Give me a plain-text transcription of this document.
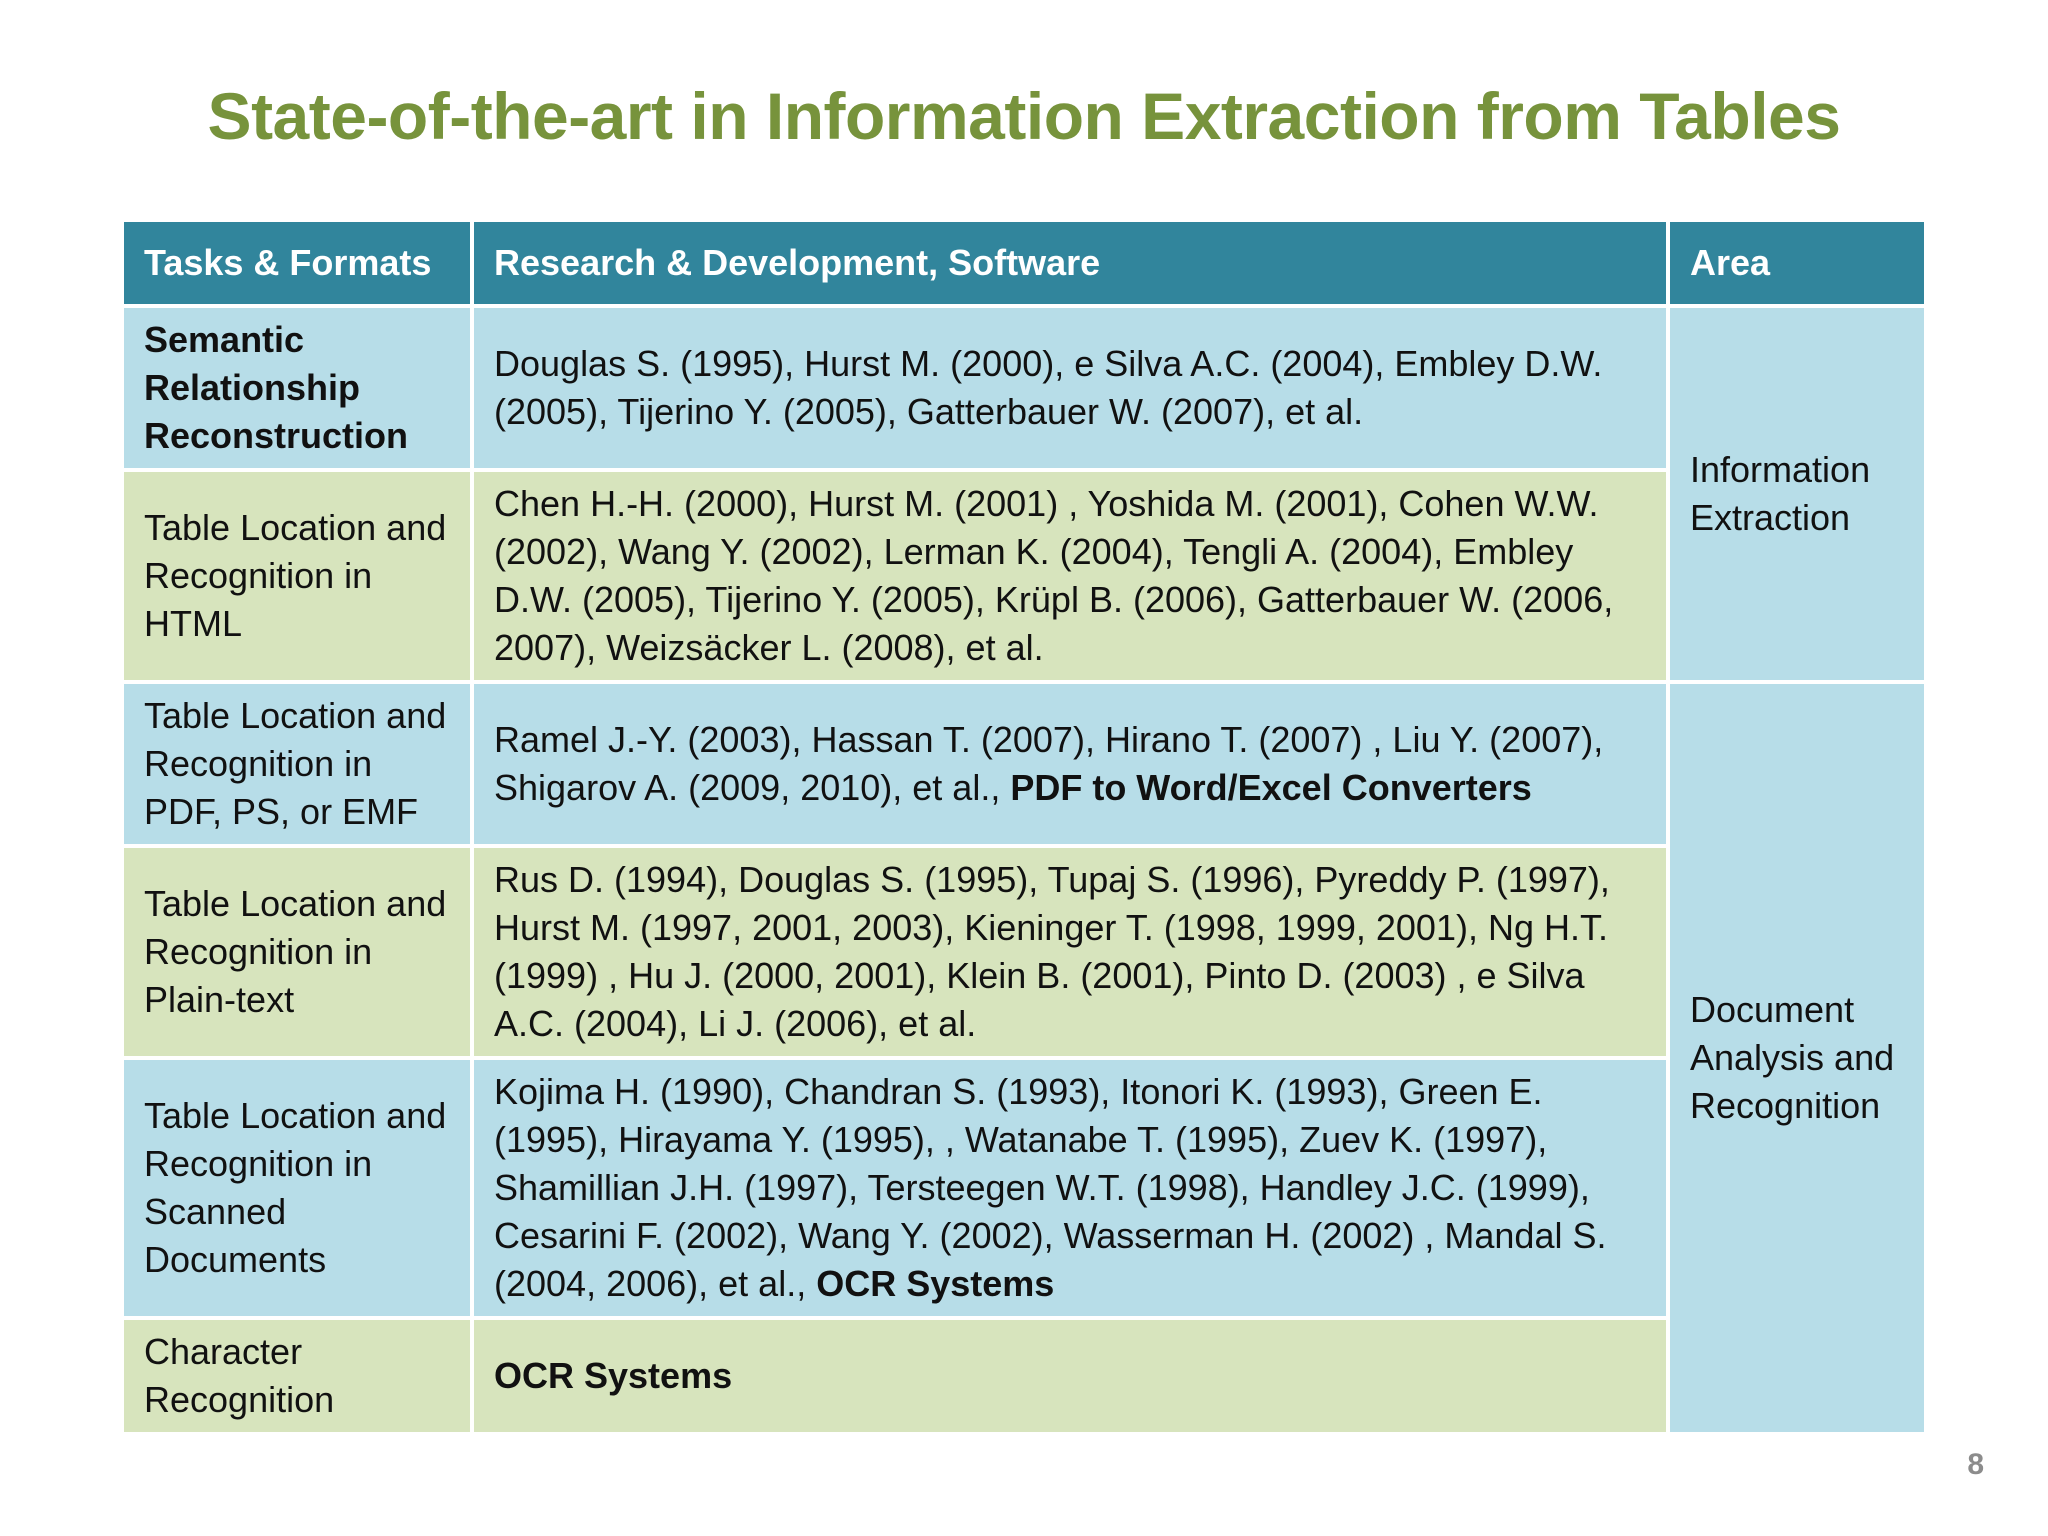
State-of-the-art in Information Extraction from Tables
Tasks & Formats	Research & Development, Software	Area
Semantic Relationship Reconstruction	Douglas S. (1995), Hurst M. (2000), e Silva A.C. (2004), Embley D.W. (2005), Tijerino Y. (2005), Gatterbauer W. (2007), et al.	Information Extraction
Table Location and Recognition in HTML	Chen H.-H. (2000), Hurst M. (2001) , Yoshida M. (2001), Cohen W.W. (2002), Wang Y. (2002), Lerman K. (2004), Tengli A. (2004), Embley D.W. (2005), Tijerino Y. (2005), Krüpl B. (2006), Gatterbauer W. (2006, 2007), Weizsäcker L. (2008), et al.	
Table Location and Recognition in PDF, PS, or EMF	Ramel J.-Y. (2003), Hassan T. (2007), Hirano T. (2007) , Liu Y. (2007), Shigarov A. (2009, 2010), et al., PDF to Word/Excel Converters	Document Analysis and Recognition
Table Location and Recognition in Plain-text	Rus D. (1994), Douglas S. (1995), Tupaj S. (1996), Pyreddy P. (1997), Hurst M. (1997, 2001, 2003), Kieninger T. (1998, 1999, 2001), Ng H.T. (1999) , Hu J. (2000, 2001), Klein B. (2001), Pinto D. (2003) , e Silva A.C. (2004), Li J. (2006), et al.	
Table Location and Recognition in Scanned Documents	Kojima H. (1990), Chandran S. (1993), Itonori K. (1993), Green E. (1995), Hirayama Y. (1995), , Watanabe T. (1995), Zuev K. (1997), Shamillian J.H. (1997), Tersteegen W.T. (1998), Handley J.C. (1999), Cesarini F. (2002), Wang Y. (2002), Wasserman H. (2002) , Mandal S. (2004, 2006), et al., OCR Systems	
Character Recognition	OCR Systems	
8
